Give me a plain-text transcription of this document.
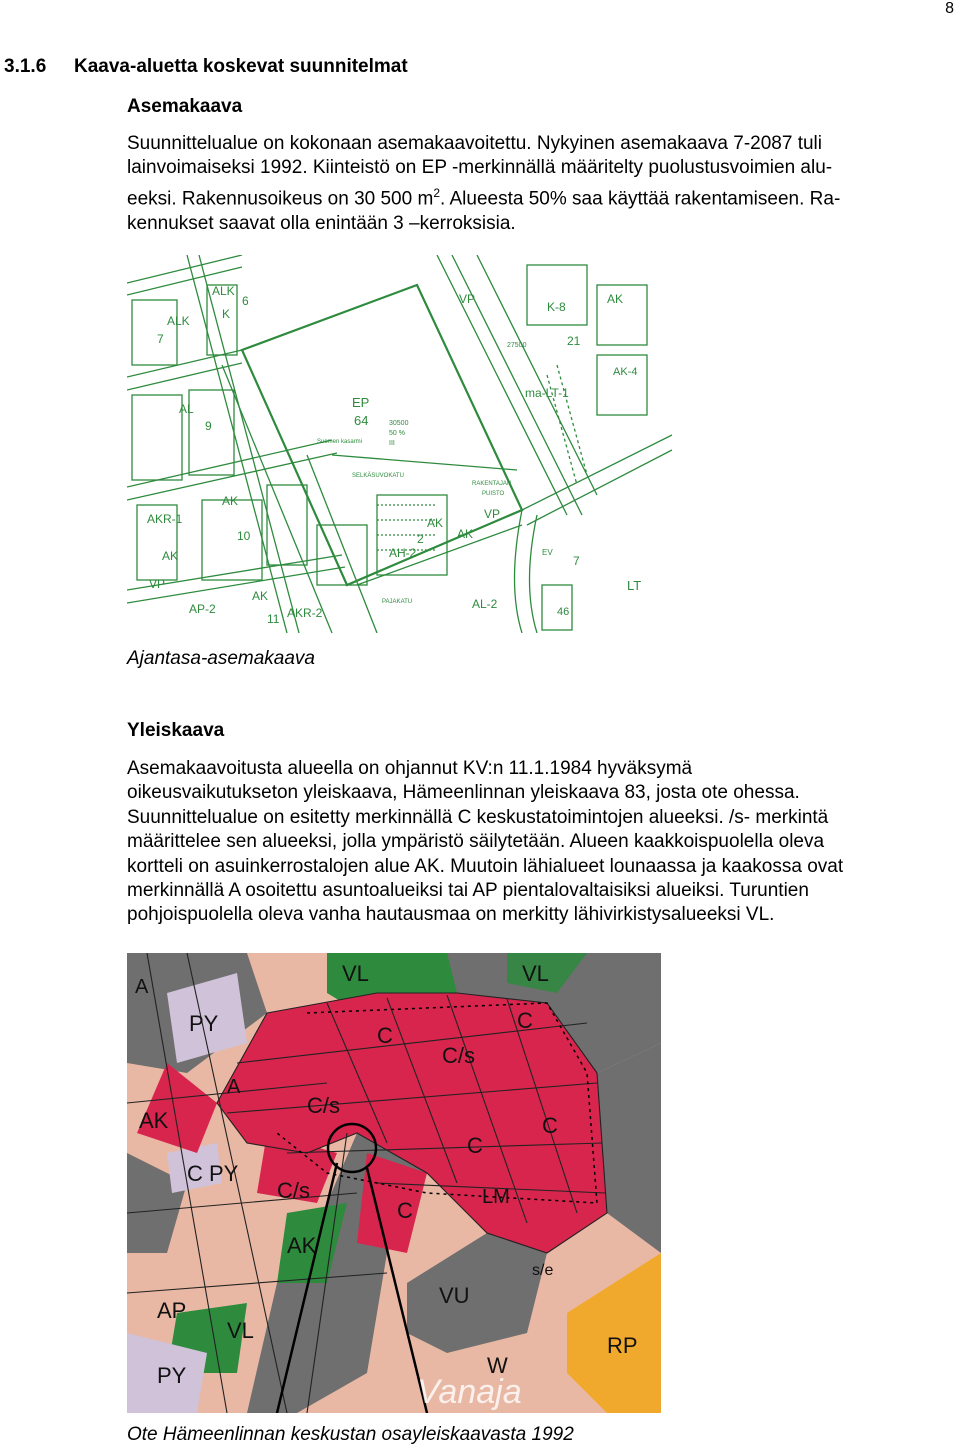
8
3.1.6 Kaava-aluetta koskevat suunnitelmat
Asemakaava
Suunnittelualue on kokonaan asemakaavoitettu. Nykyinen asemakaava 7-2087 tuli
lainvoimaiseksi 1992. Kiinteistö on EP -merkinnällä määritelty puolustusvoimien alu-
eeksi. Rakennusoikeus on 30 500 $m^2$. Alueesta 50% saa käyttää rakentamiseen. Ra-
kennukset saavat olla enintään 3 –kerroksisia.
EP
64	30500
50 %
III
Suomen kasarmi
VP
K-8
21
27500
ma-LT-1
AK
AK-4
AL
9
ALK
ALK
7
6
K
AK
AKR-1
10
AK
VP
AK
AP-2	AKR-2
11
AH-2
2
AK
VP
AK
RAKENTAJAN
PUISTO
SELKÄSUVOKATU
PAJAKATU
EV
7
LT
AL-2
46
Ajantasa-asemakaava
Yleiskaava
Asemakaavoitusta alueella on ohjannut KV:n 11.1.1984 hyväksymä
oikeusvaikutukseton yleiskaava, Hämeenlinnan yleiskaava 83, josta ote ohessa.
Suunnittelualue on esitetty merkinnällä C keskustatoimintojen alueeksi. /s- merkintä
määrittelee sen alueeksi, jolla ympäristö säilytetään. Alueen kaakkoispuolella oleva
kortteli on asuinkerrostalojen alue AK. Muutoin lähialueet lounaassa ja kaakossa ovat
merkinnällä A osoitettu asuntoalueiksi tai AP pientalovaltaisiksi alueiksi. Turuntien
pohjoispuolella oleva vanha hautausmaa on merkitty lähivirkistysalueeksi VL.
PY
VL	VL
A
A
AK
C PY
C
C/s
C
C
C/s
C/s
C
C
AK
LM
VU
s/e
AP
VL
PY
RP
W
Vanaja
Ote Hämeenlinnan keskustan osayleiskaavasta 1992
